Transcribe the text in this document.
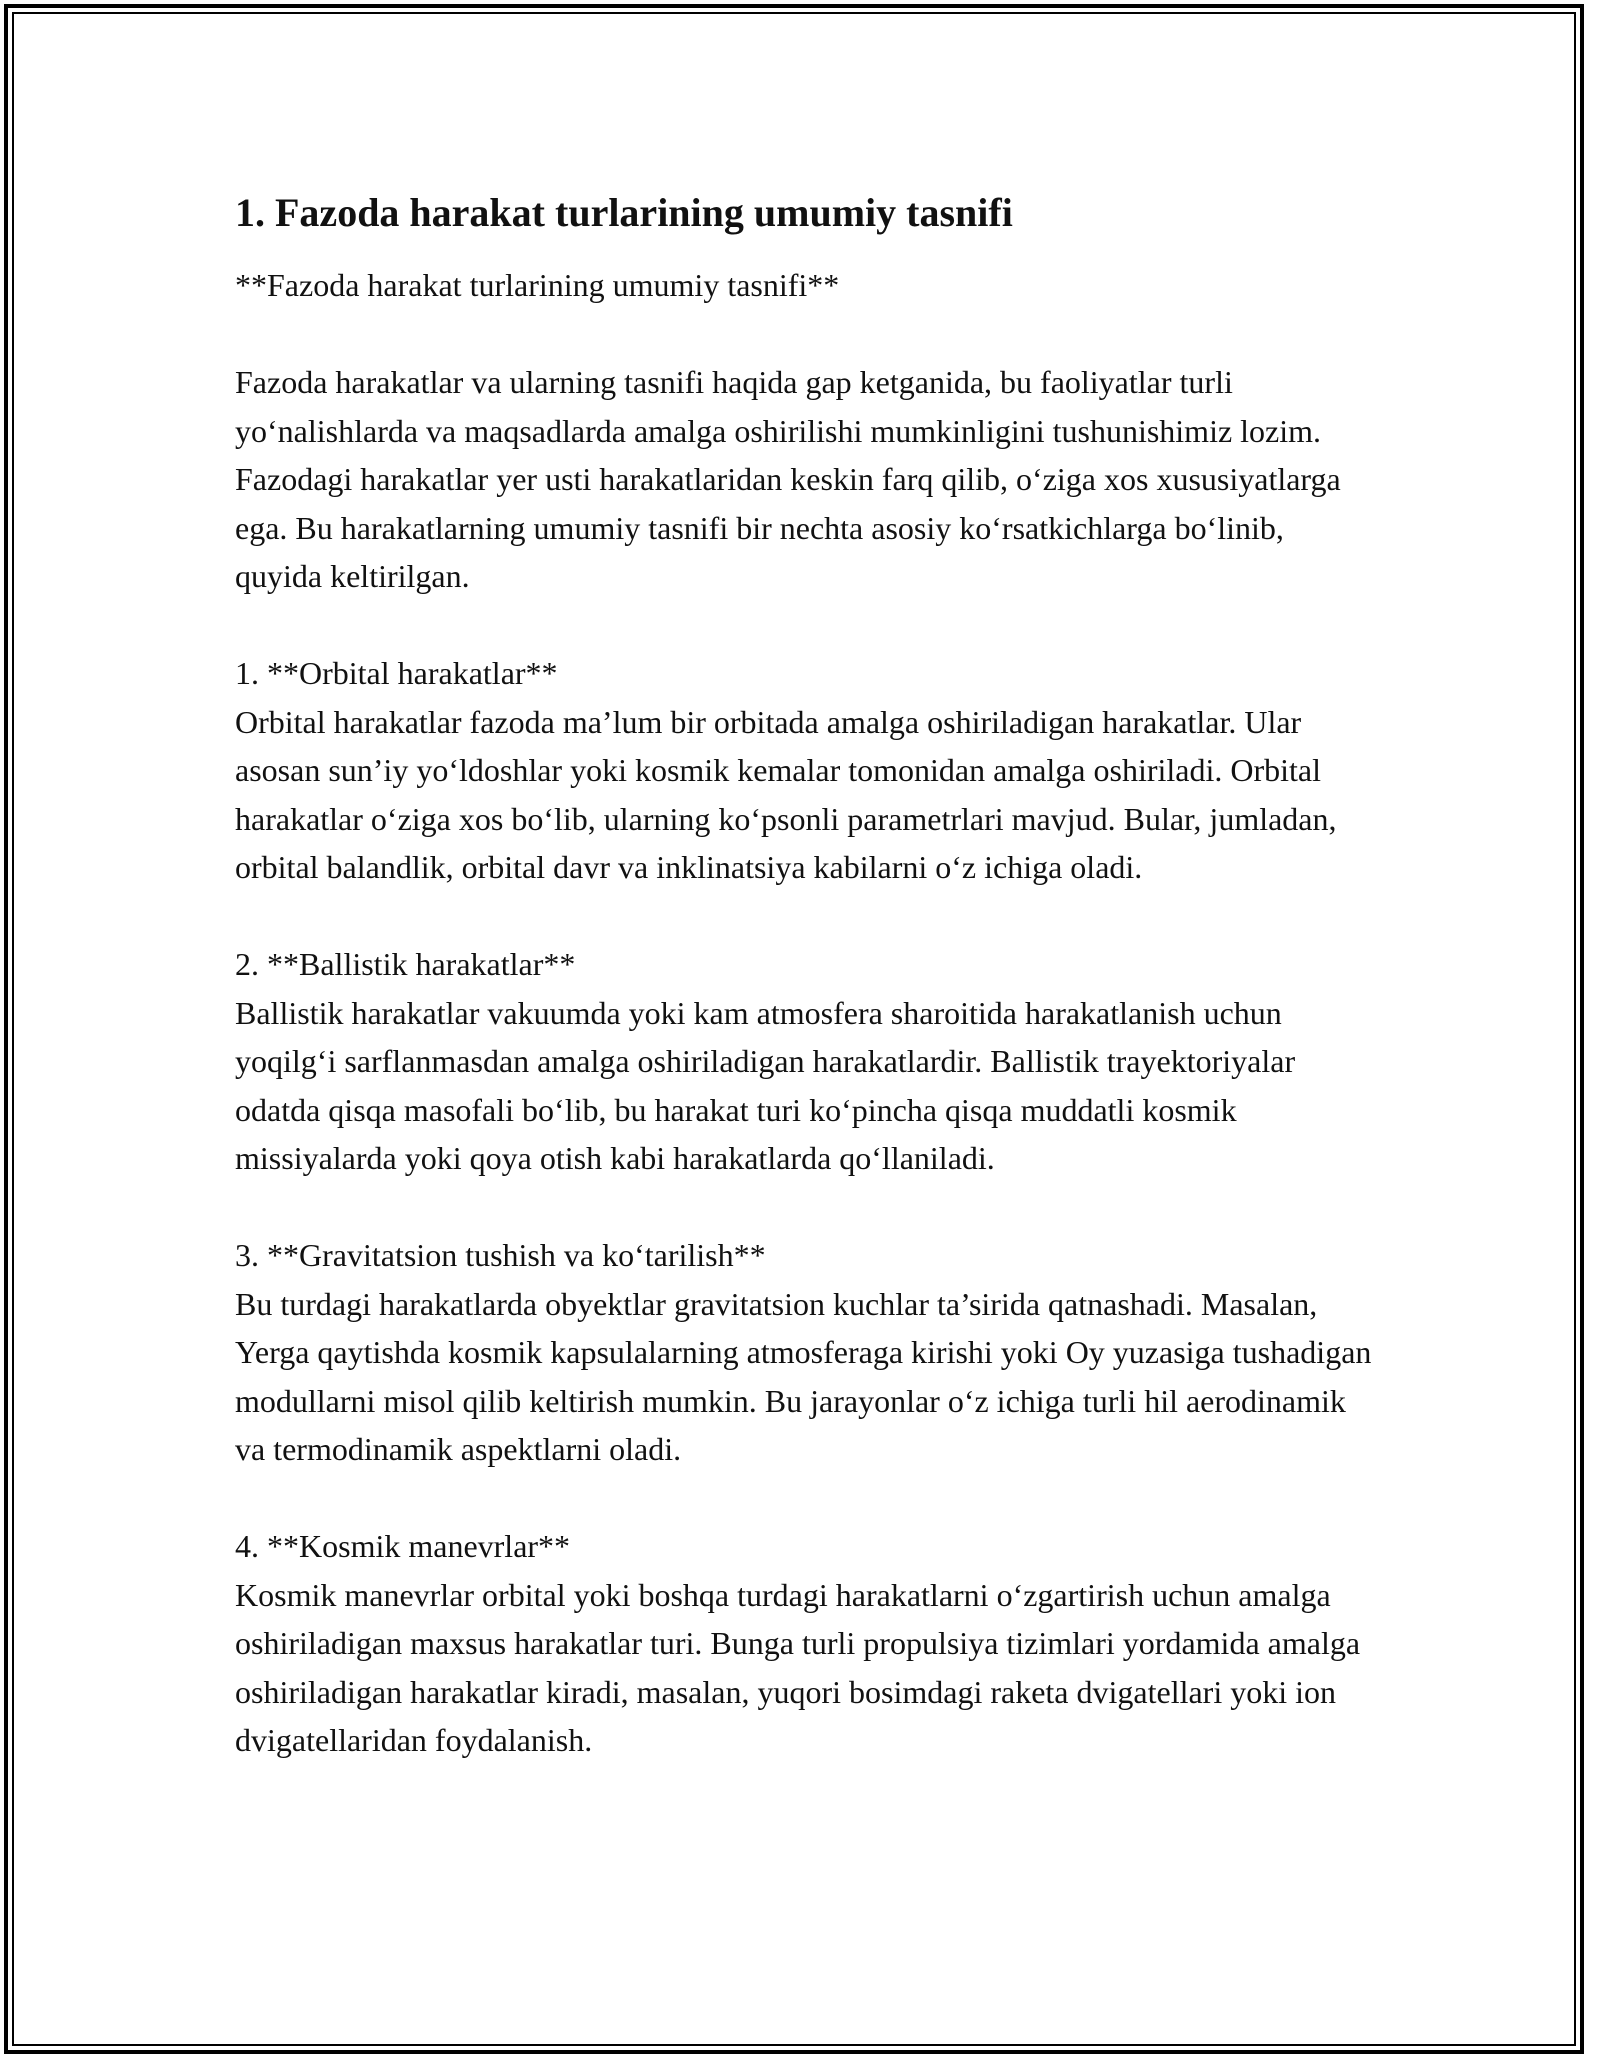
1. Fazoda harakat turlarining umumiy tasnifi

**Fazoda harakat turlarining umumiy tasnifi**

Fazoda harakatlar va ularning tasnifi haqida gap ketganida, bu faoliyatlar turli yo‘nalishlarda va maqsadlarda amalga oshirilishi mumkinligini tushunishimiz lozim. Fazodagi harakatlar yer usti harakatlaridan keskin farq qilib, o‘ziga xos xususiyatlarga ega. Bu harakatlarning umumiy tasnifi bir nechta asosiy ko‘rsatkichlarga bo‘linib, quyida keltirilgan.

1. **Orbital harakatlar**

Orbital harakatlar fazoda ma’lum bir orbitada amalga oshiriladigan harakatlar. Ular asosan sun’iy yo‘ldoshlar yoki kosmik kemalar tomonidan amalga oshiriladi. Orbital harakatlar o‘ziga xos bo‘lib, ularning ko‘psonli parametrlari mavjud. Bular, jumladan, orbital balandlik, orbital davr va inklinatsiya kabilarni o‘z ichiga oladi.

2. **Ballistik harakatlar**

Ballistik harakatlar vakuumda yoki kam atmosfera sharoitida harakatlanish uchun yoqilg‘i sarflanmasdan amalga oshiriladigan harakatlardir. Ballistik trayektoriyalar odatda qisqa masofali bo‘lib, bu harakat turi ko‘pincha qisqa muddatli kosmik missiyalarda yoki qoya otish kabi harakatlarda qo‘llaniladi.

3. **Gravitatsion tushish va ko‘tarilish**

Bu turdagi harakatlarda obyektlar gravitatsion kuchlar ta’sirida qatnashadi. Masalan, Yerga qaytishda kosmik kapsulalarning atmosferaga kirishi yoki Oy yuzasiga tushadigan modullarni misol qilib keltirish mumkin. Bu jarayonlar o‘z ichiga turli hil aerodinamik va termodinamik aspektlarni oladi.

4. **Kosmik manevrlar**

Kosmik manevrlar orbital yoki boshqa turdagi harakatlarni o‘zgartirish uchun amalga oshiriladigan maxsus harakatlar turi. Bunga turli propulsiya tizimlari yordamida amalga oshiriladigan harakatlar kiradi, masalan, yuqori bosimdagi raketa dvigatellari yoki ion dvigatellaridan foydalanish.
